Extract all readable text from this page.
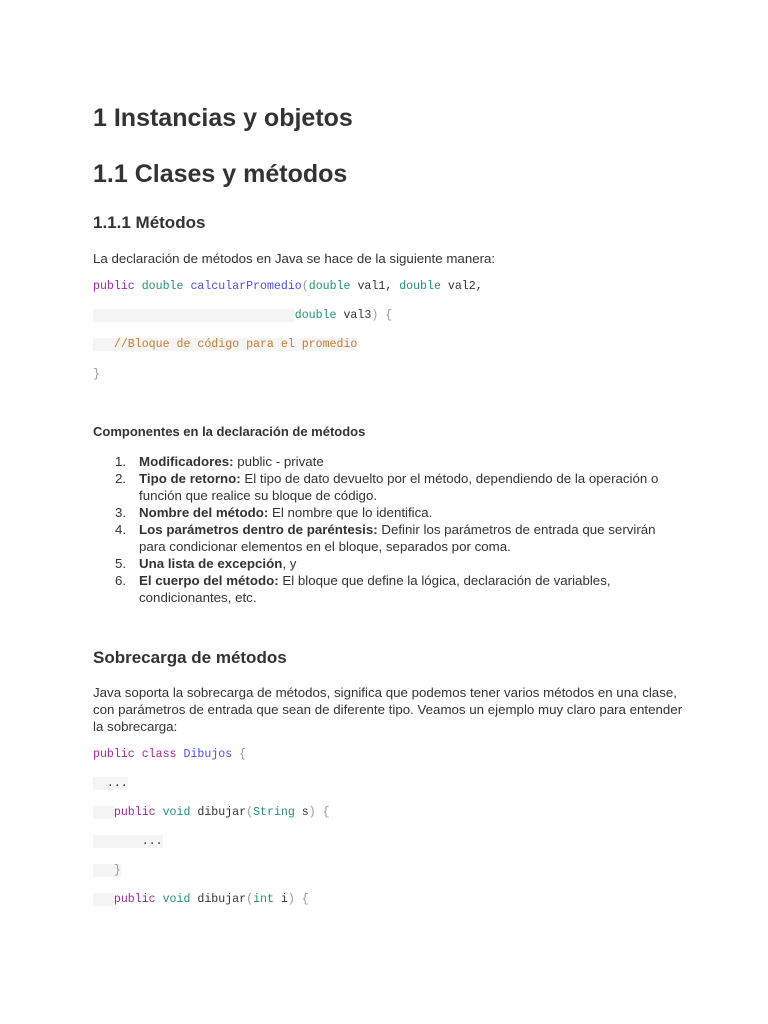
1 Instancias y objetos
1.1 Clases y métodos
1.1.1 Métodos

La declaración de métodos en Java se hace de la siguiente manera:

public double calcularPromedio(double val1, double val2,
double val3) {
//Bloque de código para el promedio
}
Componentes en la declaración de métodos
1. Modificadores: public - private
2. Tipo de retorno: El tipo de dato devuelto por el método, dependiendo de la operación o función que realice su bloque de código.
3. Nombre del método: El nombre que lo identifica.
4. Los parámetros dentro de paréntesis: Definir los parámetros de entrada que servirán para condicionar elementos en el bloque, separados por coma.
5. Una lista de excepción, y
6. El cuerpo del método: El bloque que define la lógica, declaración de variables, condicionantes, etc.
Sobrecarga de métodos

Java soporta la sobrecarga de métodos, significa que podemos tener varios métodos en una clase, con parámetros de entrada que sean de diferente tipo. Veamos un ejemplo muy claro para entender la sobrecarga:

public class Dibujos {
...
public void dibujar(String s) {
...
}
public void dibujar(int i) {
